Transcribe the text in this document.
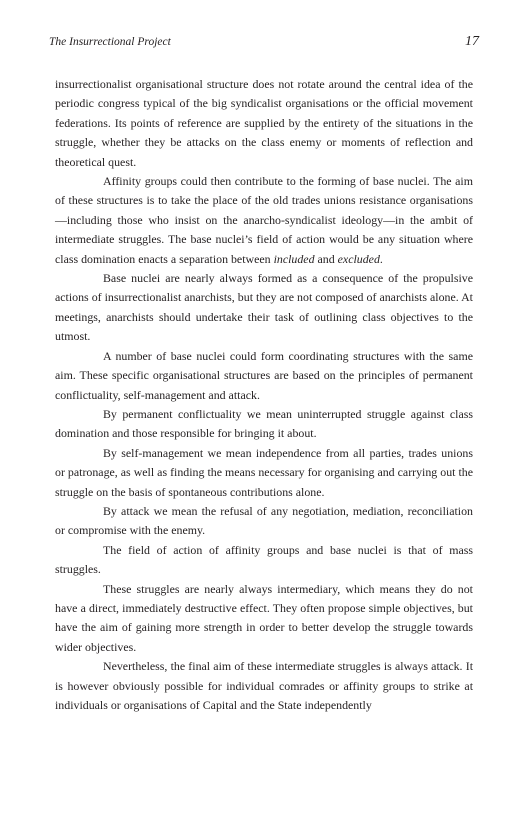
The Insurrectional Project	17

insurrectionalist organisational structure does not rotate around the central idea of the periodic congress typical of the big syndicalist organisations or the official movement federations. Its points of reference are supplied by the entirety of the situations in the struggle, whether they be attacks on the class enemy or moments of reflection and theoretical quest.

Affinity groups could then contribute to the forming of base nuclei. The aim of these structures is to take the place of the old trades unions resistance organisations—including those who insist on the anarcho-syndicalist ideology—in the ambit of intermediate struggles. The base nuclei’s field of action would be any situation where class domination enacts a separation between included and excluded.

Base nuclei are nearly always formed as a consequence of the propulsive actions of insurrectionalist anarchists, but they are not composed of anarchists alone. At meetings, anarchists should undertake their task of outlining class objectives to the utmost.

A number of base nuclei could form coordinating structures with the same aim. These specific organisational structures are based on the principles of permanent conflictuality, self-management and attack.

By permanent conflictuality we mean uninterrupted struggle against class domination and those responsible for bringing it about.

By self-management we mean independence from all parties, trades unions or patronage, as well as finding the means necessary for organising and carrying out the struggle on the basis of spontaneous contributions alone.

By attack we mean the refusal of any negotiation, mediation, reconciliation or compromise with the enemy.

The field of action of affinity groups and base nuclei is that of mass struggles.

These struggles are nearly always intermediary, which means they do not have a direct, immediately destructive effect. They often propose simple objectives, but have the aim of gaining more strength in order to better develop the struggle towards wider objectives.

Nevertheless, the final aim of these intermediate struggles is always attack. It is however obviously possible for individual comrades or affinity groups to strike at individuals or organisations of Capital and the State independently
